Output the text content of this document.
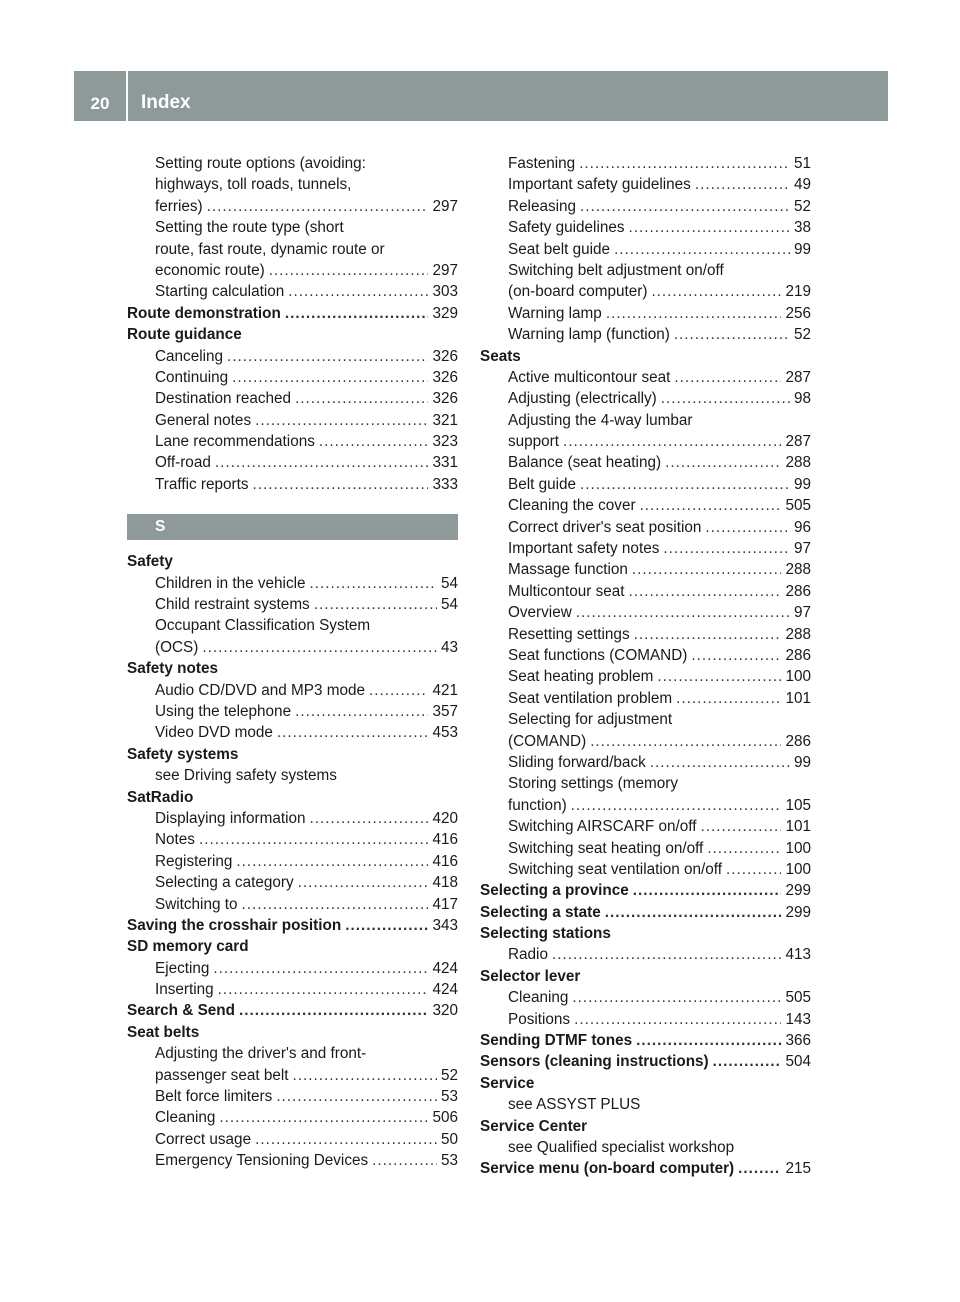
20	Index
Setting route options (avoiding:
highways, toll roads, tunnels,
ferries) .....	297
Setting the route type (short
route, fast route, dynamic route or
economic route) .....	297
Starting calculation .....	303
Route demonstration .....	329
Route guidance
Canceling .....	326
Continuing .....	326
Destination reached .....	326
General notes .....	321
Lane recommendations .....	323
Off-road .....	331
Traffic reports .....	333
S
Safety
Children in the vehicle .....	54
Child restraint systems .....	54
Occupant Classification System
(OCS) .....	43
Safety notes
Audio CD/DVD and MP3 mode .....	421
Using the telephone .....	357
Video DVD mode .....	453
Safety systems
see Driving safety systems
SatRadio
Displaying information .....	420
Notes .....	416
Registering .....	416
Selecting a category .....	418
Switching to .....	417
Saving the crosshair position .....	343
SD memory card
Ejecting .....	424
Inserting .....	424
Search & Send .....	320
Seat belts
Adjusting the driver's and front-
passenger seat belt .....	52
Belt force limiters .....	53
Cleaning .....	506
Correct usage .....	50
Emergency Tensioning Devices .....	53
Fastening .....	51
Important safety guidelines .....	49
Releasing .....	52
Safety guidelines .....	38
Seat belt guide .....	99
Switching belt adjustment on/off
(on-board computer) .....	219
Warning lamp .....	256
Warning lamp (function) .....	52
Seats
Active multicontour seat .....	287
Adjusting (electrically) .....	98
Adjusting the 4-way lumbar
support .....	287
Balance (seat heating) .....	288
Belt guide .....	99
Cleaning the cover .....	505
Correct driver's seat position .....	96
Important safety notes .....	97
Massage function .....	288
Multicontour seat .....	286
Overview .....	97
Resetting settings .....	288
Seat functions (COMAND) .....	286
Seat heating problem .....	100
Seat ventilation problem .....	101
Selecting for adjustment
(COMAND) .....	286
Sliding forward/back .....	99
Storing settings (memory
function) .....	105
Switching AIRSCARF on/off .....	101
Switching seat heating on/off .....	100
Switching seat ventilation on/off .....	100
Selecting a province .....	299
Selecting a state .....	299
Selecting stations
Radio .....	413
Selector lever
Cleaning .....	505
Positions .....	143
Sending DTMF tones .....	366
Sensors (cleaning instructions) .....	504
Service
see ASSYST PLUS
Service Center
see Qualified specialist workshop
Service menu (on-board computer) .....	215
